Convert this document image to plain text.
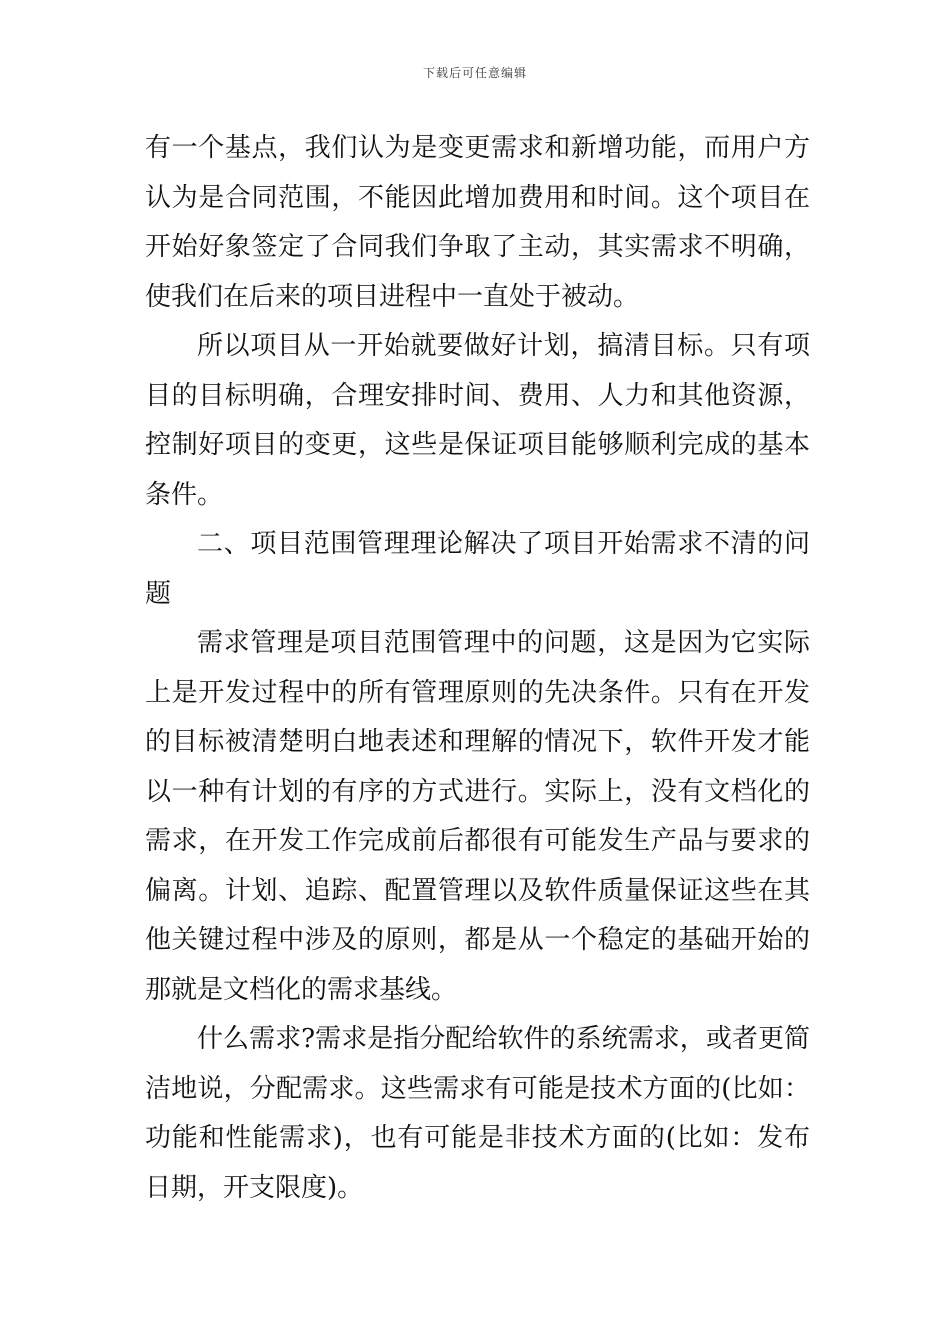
下载后可任意编辑

有一个基点，我们认为是变更需求和新增功能，而用户方认为是合同范围，不能因此增加费用和时间。这个项目在开始好象签定了合同我们争取了主动，其实需求不明确，使我们在后来的项目进程中一直处于被动。

所以项目从一开始就要做好计划，搞清目标。只有项目的目标明确，合理安排时间、费用、人力和其他资源，控制好项目的变更，这些是保证项目能够顺利完成的基本条件。

二、项目范围管理理论解决了项目开始需求不清的问题

需求管理是项目范围管理中的问题，这是因为它实际上是开发过程中的所有管理原则的先决条件。只有在开发的目标被清楚明白地表述和理解的情况下，软件开发才能以一种有计划的有序的方式进行。实际上，没有文档化的需求，在开发工作完成前后都很有可能发生产品与要求的偏离。计划、追踪、配置管理以及软件质量保证这些在其他关键过程中涉及的原则，都是从一个稳定的基础开始的那就是文档化的需求基线。

什么需求?需求是指分配给软件的系统需求，或者更简洁地说，分配需求。这些需求有可能是技术方面的(比如：功能和性能需求)，也有可能是非技术方面的(比如：发布日期，开支限度)。
